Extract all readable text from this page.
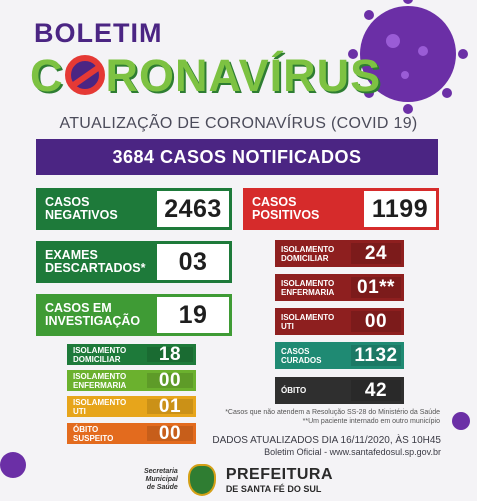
BOLETIM
C RONAVÍRUS
ATUALIZAÇÃO DE CORONAVÍRUS (COVID 19)
3684 CASOS NOTIFICADOS
CASOS
NEGATIVOS 2463
EXAMES
DESCARTADOS*	03
CASOS EM
INVESTIGAÇÃO	19
ISOLAMENTO
DOMICILIAR	18
ISOLAMENTO
ENFERMARIA	00
ISOLAMENTO
UTI	01
ÓBITO
SUSPEITO	00
CASOS
POSITIVOS	1199
ISOLAMENTO
DOMICILIAR	24
ISOLAMENTO
ENFERMARIA	01**
ISOLAMENTO
UTI	00
CASOS
CURADOS 1132
ÓBITO	42
*Casos que não atendem a Resolução SS-28 do Ministério da Saúde
**Um paciente internado em outro município
DADOS ATUALIZADOS DIA 16/11/2020, ÀS 10H45
Boletim Oficial - www.santafedosul.sp.gov.br
Secretaria
Municipal
de Saúde
PREFEITURA
DE SANTA FÉ DO SUL
